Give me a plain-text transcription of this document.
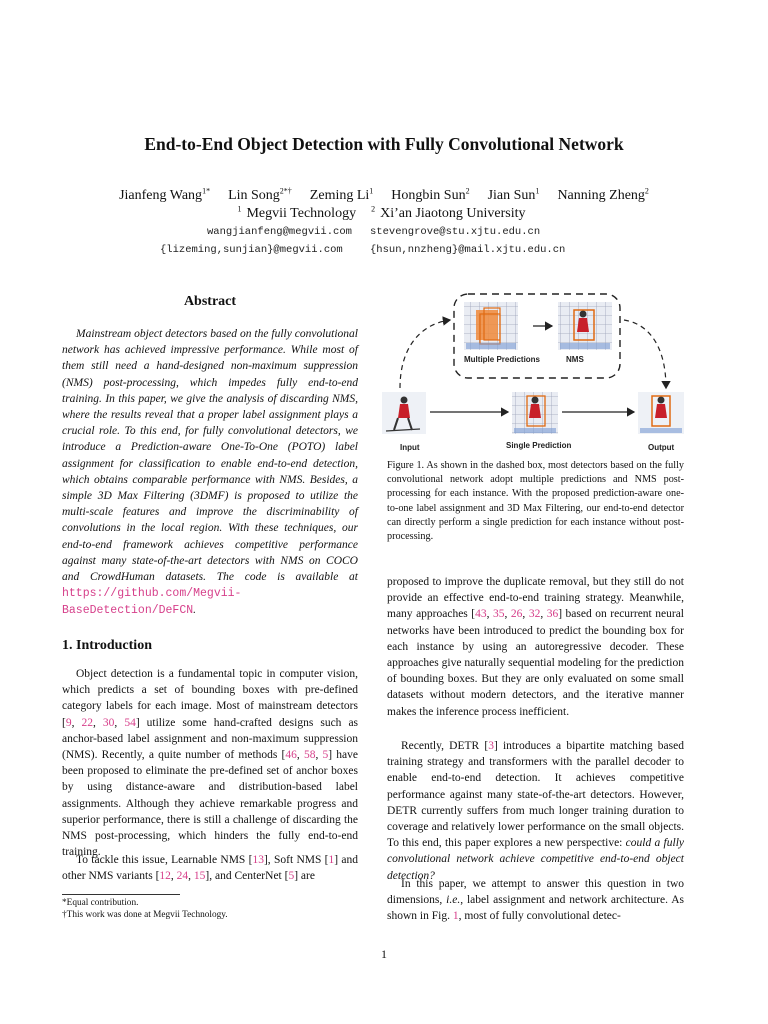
End-to-End Object Detection with Fully Convolutional Network
Jianfeng Wang$^{1*}$ Lin Song$^{2*\dagger}$ Zeming Li$^1$ Hongbin Sun$^2$ Jian Sun$^1$ Nanning Zheng$^2$
$^1$ Megvii Technology $^2$ Xi’an Jiaotong University
wangjianfeng@megvii.com stevengrove@stu.xjtu.edu.cn
{lizeming,sunjian}@megvii.com	{hsun,nnzheng}@mail.xjtu.edu.cn
Abstract
Mainstream object detectors based on the fully convolutional network has achieved impressive performance. While most of them still need a hand-designed non-maximum suppression (NMS) post-processing, which impedes fully end-to-end training. In this paper, we give the analysis of discarding NMS, where the results reveal that a proper label assignment plays a crucial role. To this end, for fully convolutional detectors, we introduce a Prediction-aware One-To-One (POTO) label assignment for classification to enable end-to-end detection, which obtains comparable performance with NMS. Besides, a simple 3D Max Filtering (3DMF) is proposed to utilize the multi-scale features and improve the discriminability of convolutions in the local region. With these techniques, our end-to-end framework achieves competitive performance against many state-of-the-art detectors with NMS on COCO and CrowdHuman datasets. The code is available at https://github.com/Megvii-BaseDetection/DeFCN.
1. Introduction
Object detection is a fundamental topic in computer vision, which predicts a set of bounding boxes with pre-defined category labels for each image. Most of mainstream detectors [9, 22, 30, 54] utilize some hand-crafted designs such as anchor-based label assignment and non-maximum suppression (NMS). Recently, a quite number of methods [46, 58, 5] have been proposed to eliminate the pre-defined set of anchor boxes by using distance-aware and distribution-based label assignments. Although they achieve remarkable progress and superior performance, there is still a challenge of discarding the NMS post-processing, which hinders the fully end-to-end training.
To tackle this issue, Learnable NMS [13], Soft NMS [1] and other NMS variants [12, 24, 15], and CenterNet [5] are
*Equal contribution.
†This work was done at Megvii Technology.
Multiple Predictions	NMS
Input	Single Prediction	Output
Figure 1. As shown in the dashed box, most detectors based on the fully convolutional network adopt multiple predictions and NMS post-processing for each instance. With the proposed prediction-aware one-to-one label assignment and 3D Max Filtering, our end-to-end detector can directly perform a single prediction for each instance without post-processing.
proposed to improve the duplicate removal, but they still do not provide an effective end-to-end training strategy. Meanwhile, many approaches [43, 35, 26, 32, 36] based on recurrent neural networks have been introduced to predict the bounding box for each instance by using an autoregressive decoder. These approaches give naturally sequential modeling for the prediction of bounding boxes. But they are only evaluated on some small datasets without modern detectors, and the iterative manner makes the inference process inefficient.
Recently, DETR [3] introduces a bipartite matching based training strategy and transformers with the parallel decoder to enable end-to-end detection. It achieves competitive performance against many state-of-the-art detectors. However, DETR currently suffers from much longer training duration to coverage and relatively lower performance on the small objects. To this end, this paper explores a new perspective: could a fully convolutional network achieve competitive end-to-end object detection?
In this paper, we attempt to answer this question in two dimensions, i.e., label assignment and network architecture. As shown in Fig. 1, most of fully convolutional detec-
1
